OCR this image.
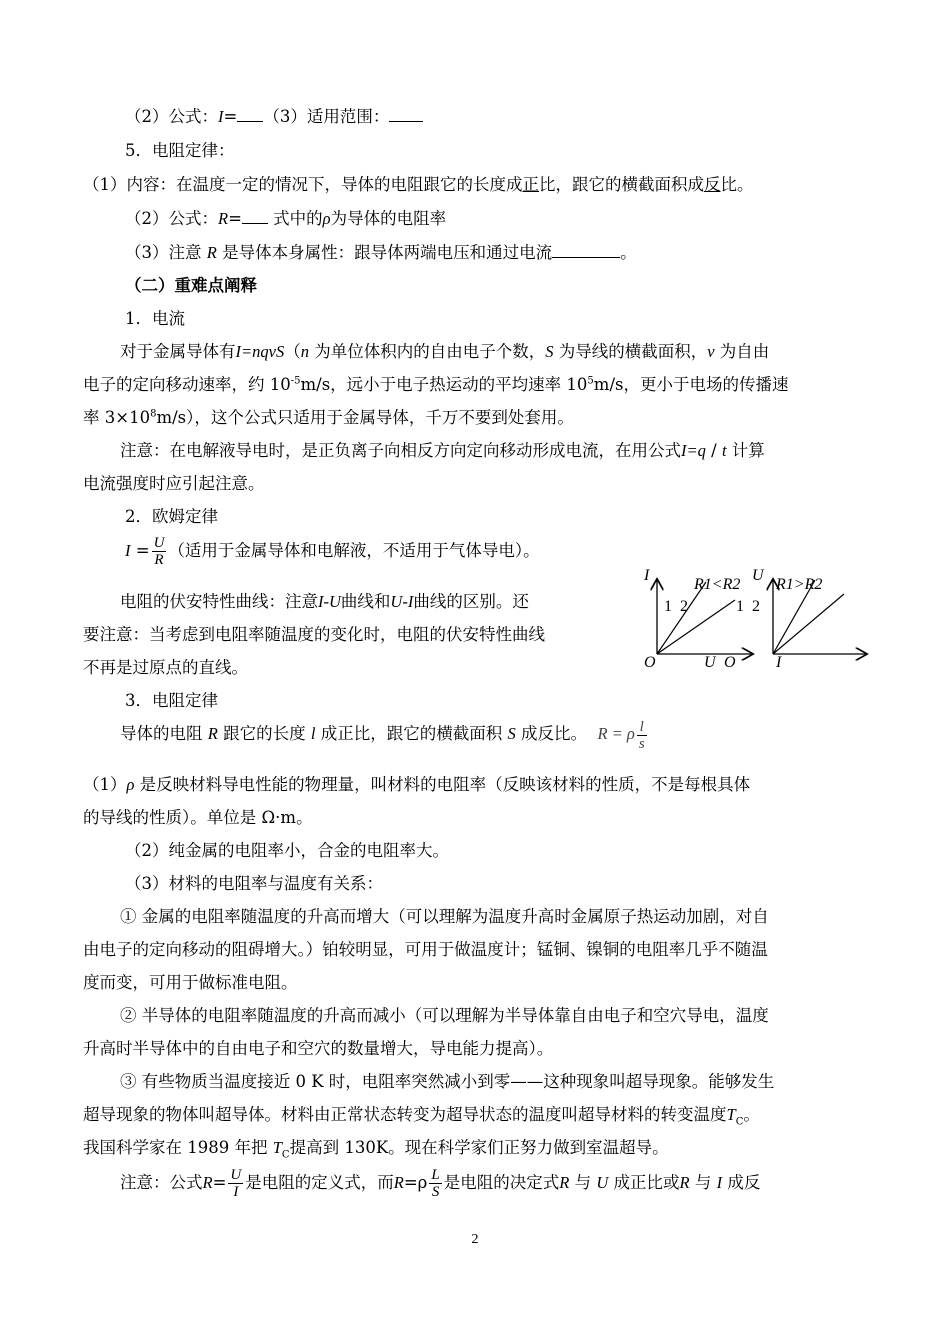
（2）公式：I= （3）适用范围：
5．电阻定律：
（1）内容：在温度一定的情况下，导体的电阻跟它的长度成正比，跟它的横截面积成反比。
（2）公式：R= 式中的ρ为导体的电阻率
（3）注意 R 是导体本身属性：跟导体两端电压和通过电流	。
（二）重难点阐释
1．电流
对于金属导体有I=nqvS（n 为单位体积内的自由电子个数，S 为导线的横截面积，v 为自由
电子的定向移动速率，约 $10^{-5}m/s$，远小于电子热运动的平均速率 $10^5m/s$，更小于电场的传播速
率 $3\times 10^8m/s$），这个公式只适用于金属导体，千万不要到处套用。
注意：在电解液导电时，是正负离子向相反方向定向移动形成电流，在用公式I=q / t 计算
电流强度时应引起注意。
2．欧姆定律
$I = \frac{U}{R}$ （适用于金属导体和电解液，不适用于气体导电）。
电阻的伏安特性曲线：注意I-U曲线和U-I曲线的区别。还
要注意：当考虑到电阻率随温度的变化时，电阻的伏安特性曲线
不再是过原点的直线。
I
U
O
1 2
R1<R2
U
I
O
1 2
R1>R2
3．电阻定律
导体的电阻 R 跟它的长度 l 成正比，跟它的横截面积 S 成反比。 R = ρ $\frac{l}{s}$
（1）ρ 是反映材料导电性能的物理量，叫材料的电阻率（反映该材料的性质，不是每根具体
的导线的性质）。单位是 Ω·m。
（2）纯金属的电阻率小，合金的电阻率大。
（3）材料的电阻率与温度有关系：
① 金属的电阻率随温度的升高而增大（可以理解为温度升高时金属原子热运动加剧，对自
由电子的定向移动的阻碍增大。）铂较明显，可用于做温度计；锰铜、镍铜的电阻率几乎不随温
度而变，可用于做标准电阻。
② 半导体的电阻率随温度的升高而减小（可以理解为半导体靠自由电子和空穴导电，温度
升高时半导体中的自由电子和空穴的数量增大，导电能力提高）。
③ 有些物质当温度接近 0 K 时，电阻率突然减小到零——这种现象叫超导现象。能够发生
超导现象的物体叫超导体。材料由正常状态转变为超导状态的温度叫超导材料的转变温度$T_C$。
我国科学家在 1989 年把 $T_C$提高到 130K。现在科学家们正努力做到室温超导。
注意：公式$R= \frac{U}{I}$ 是电阻的定义式，而$R=\rho \frac{L}{S}$ 是电阻的决定式R 与 U 成正比或R 与 I 成反
2
